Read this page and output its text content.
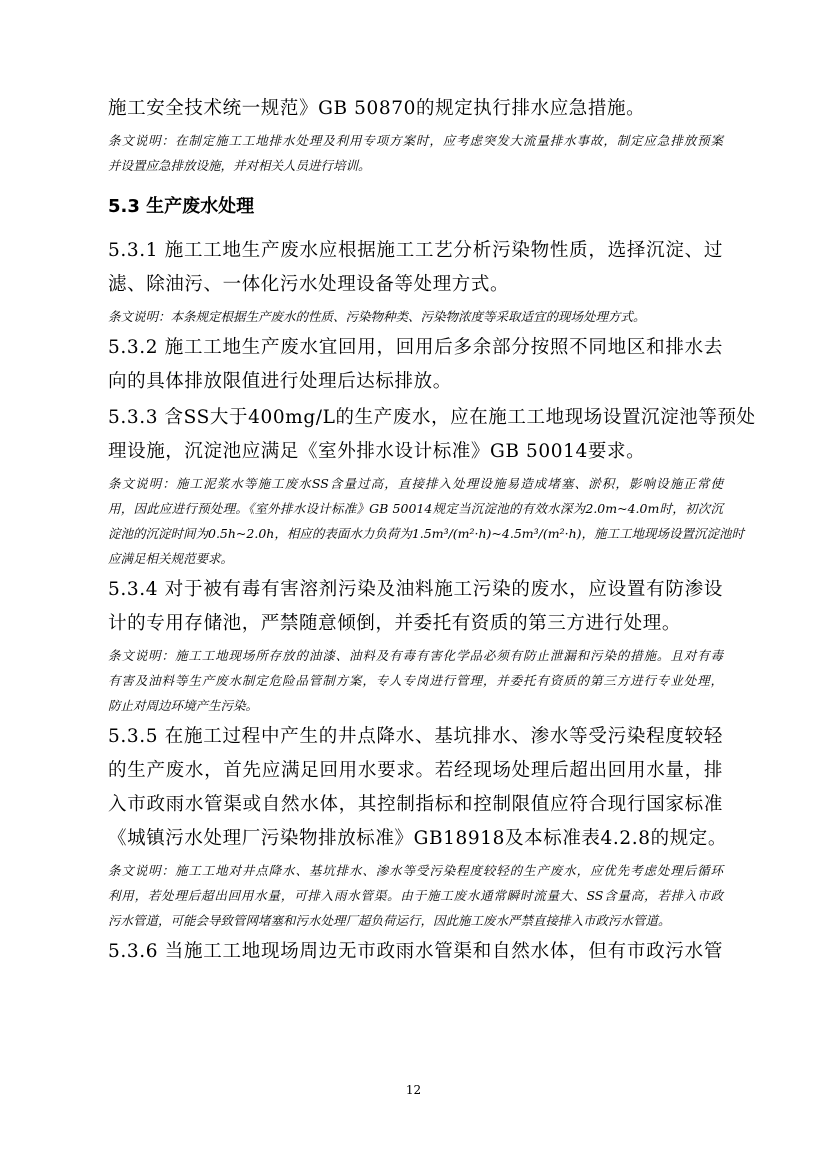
施工安全技术统一规范》GB 50870的规定执行排水应急措施。

条文说明：在制定施工工地排水处理及利用专项方案时，应考虑突发大流量排水事故，制定应急排放预案

并设置应急排放设施，并对相关人员进行培训。

5.3 生产废水处理

5.3.1 施工工地生产废水应根据施工工艺分析污染物性质，选择沉淀、过

滤、除油污、一体化污水处理设备等处理方式。

条文说明：本条规定根据生产废水的性质、污染物种类、污染物浓度等采取适宜的现场处理方式。

5.3.2 施工工地生产废水宜回用，回用后多余部分按照不同地区和排水去

向的具体排放限值进行处理后达标排放。

5.3.3 含SS大于400mg/L的生产废水，应在施工工地现场设置沉淀池等预处

理设施，沉淀池应满足《室外排水设计标准》GB 50014要求。

条文说明：施工泥浆水等施工废水SS含量过高，直接排入处理设施易造成堵塞、淤积，影响设施正常使

用，因此应进行预处理。《室外排水设计标准》GB 50014规定当沉淀池的有效水深为2.0m~4.0m时，初次沉

淀池的沉淀时间为0.5h~2.0h，相应的表面水力负荷为1.5m³/(m²·h)~4.5m³/(m²·h)，施工工地现场设置沉淀池时

应满足相关规范要求。

5.3.4 对于被有毒有害溶剂污染及油料施工污染的废水，应设置有防渗设

计的专用存储池，严禁随意倾倒，并委托有资质的第三方进行处理。

条文说明：施工工地现场所存放的油漆、油料及有毒有害化学品必须有防止泄漏和污染的措施。且对有毒

有害及油料等生产废水制定危险品管制方案，专人专岗进行管理，并委托有资质的第三方进行专业处理，

防止对周边环境产生污染。

5.3.5 在施工过程中产生的井点降水、基坑排水、渗水等受污染程度较轻

的生产废水，首先应满足回用水要求。若经现场处理后超出回用水量，排

入市政雨水管渠或自然水体，其控制指标和控制限值应符合现行国家标准

《城镇污水处理厂污染物排放标准》GB18918及本标准表4.2.8的规定。

条文说明：施工工地对井点降水、基坑排水、渗水等受污染程度较轻的生产废水，应优先考虑处理后循环

利用，若处理后超出回用水量，可排入雨水管渠。由于施工废水通常瞬时流量大、SS含量高，若排入市政

污水管道，可能会导致管网堵塞和污水处理厂超负荷运行，因此施工废水严禁直接排入市政污水管道。

5.3.6 当施工工地现场周边无市政雨水管渠和自然水体，但有市政污水管

12
